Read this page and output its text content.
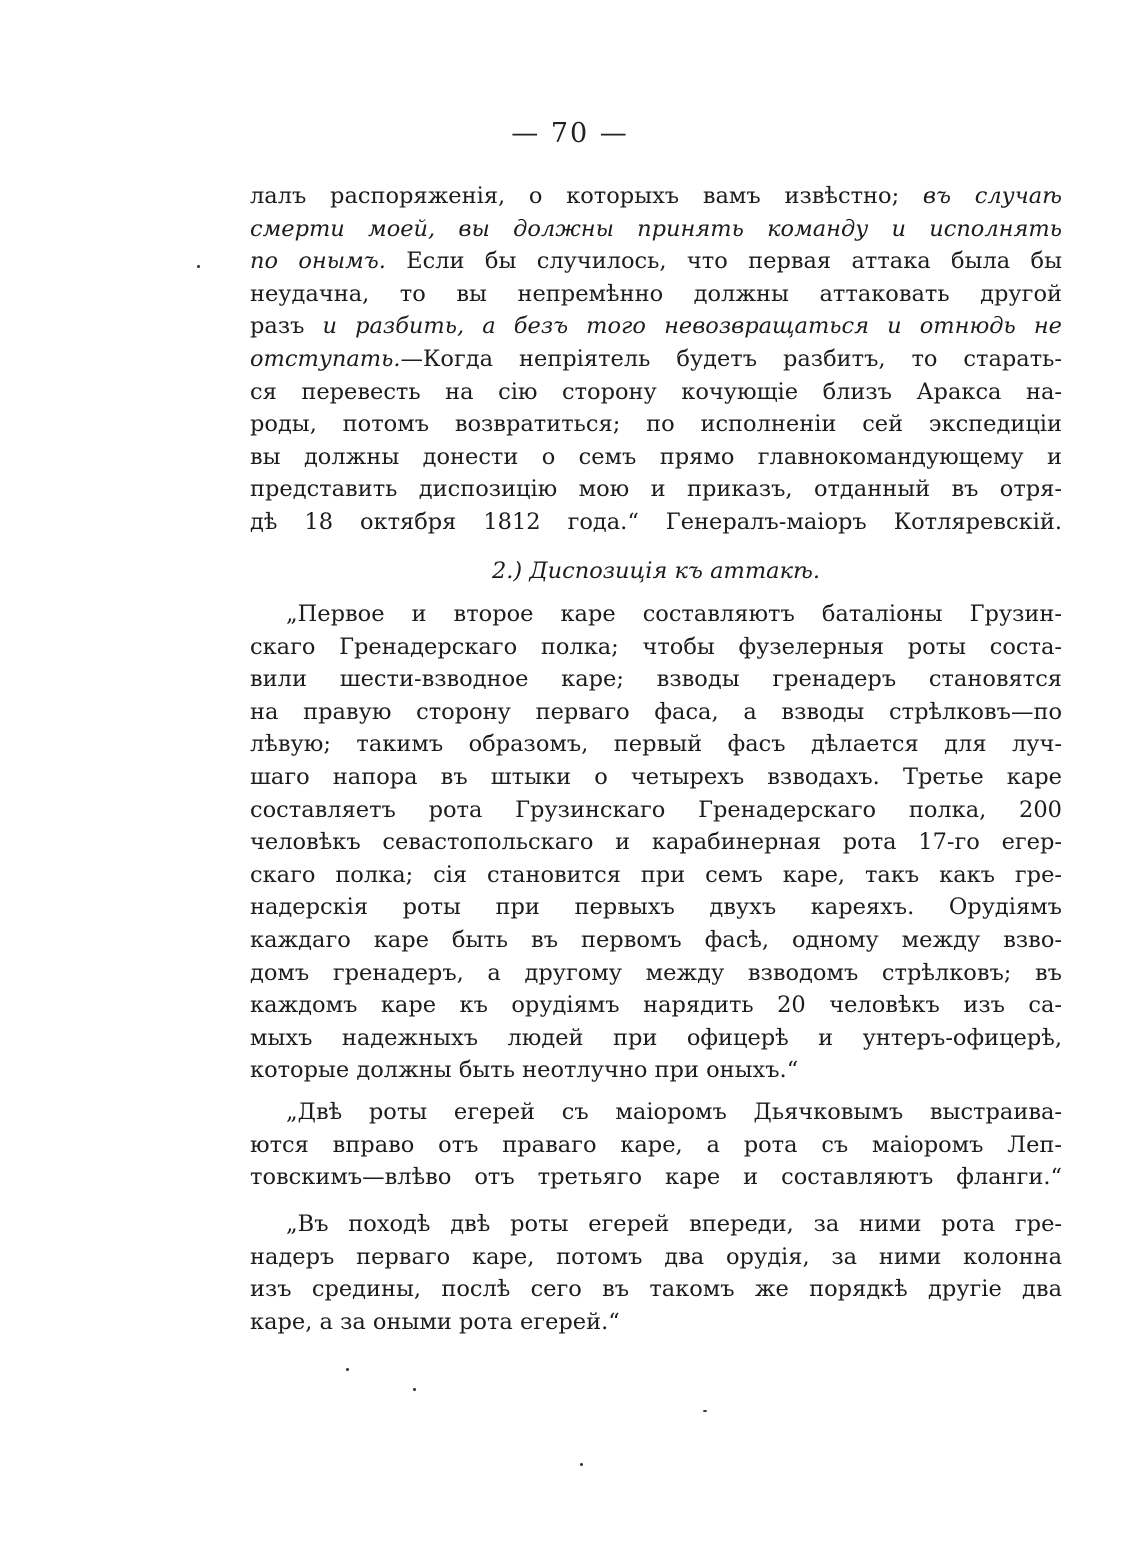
— 70 —
лалъ распоряженія, о которыхъ вамъ извѣстно; въ случаѣ
смерти моей, вы должны принять команду и исполнять
по онымъ. Если бы случилось, что первая аттака была бы
неудачна, то вы непремѣнно должны аттаковать другой
разъ и разбить, а безъ того невозвращаться и отнюдь не
отступать.—Когда непріятель будетъ разбитъ, то старать-
ся перевесть на сію сторону кочующіе близъ Аракса на-
роды, потомъ возвратиться; по исполненіи сей экспедиціи
вы должны донести о семъ прямо главнокомандующему и
представить диспозицію мою и приказъ, отданный въ отря-
дѣ 18 октября 1812 года.“ Генералъ-маіоръ Котляревскій.
2.) Диспозиція къ аттакѣ.
„Первое и второе каре составляютъ баталіоны Грузин-
скаго Гренадерскаго полка; чтобы фузелерныя роты соста-
вили шести-взводное каре; взводы гренадеръ становятся
на правую сторону перваго фаса, а взводы стрѣлковъ—по
лѣвую; такимъ образомъ, первый фасъ дѣлается для луч-
шаго напора въ штыки о четырехъ взводахъ. Третье каре
составляетъ рота Грузинскаго Гренадерскаго полка, 200
человѣкъ севастопольскаго и карабинерная рота 17-го егер-
скаго полка; сія становится при семъ каре, такъ какъ гре-
надерскія роты при первыхъ двухъ кареяхъ. Орудіямъ
каждаго каре быть въ первомъ фасѣ, одному между взво-
домъ гренадеръ, а другому между взводомъ стрѣлковъ; въ
каждомъ каре къ орудіямъ нарядить 20 человѣкъ изъ са-
мыхъ надежныхъ людей при офицерѣ и унтеръ-офицерѣ,
которые должны быть неотлучно при оныхъ.“
„Двѣ роты егерей съ маіоромъ Дьячковымъ выстраива-
ются вправо отъ праваго каре, а рота съ маіоромъ Леп-
товскимъ—влѣво отъ третьяго каре и составляютъ фланги.“
„Въ походѣ двѣ роты егерей впереди, за ними рота гре-
надеръ перваго каре, потомъ два орудія, за ними колонна
изъ средины, послѣ сего въ такомъ же порядкѣ другіе два
каре, а за оными рота егерей.“
